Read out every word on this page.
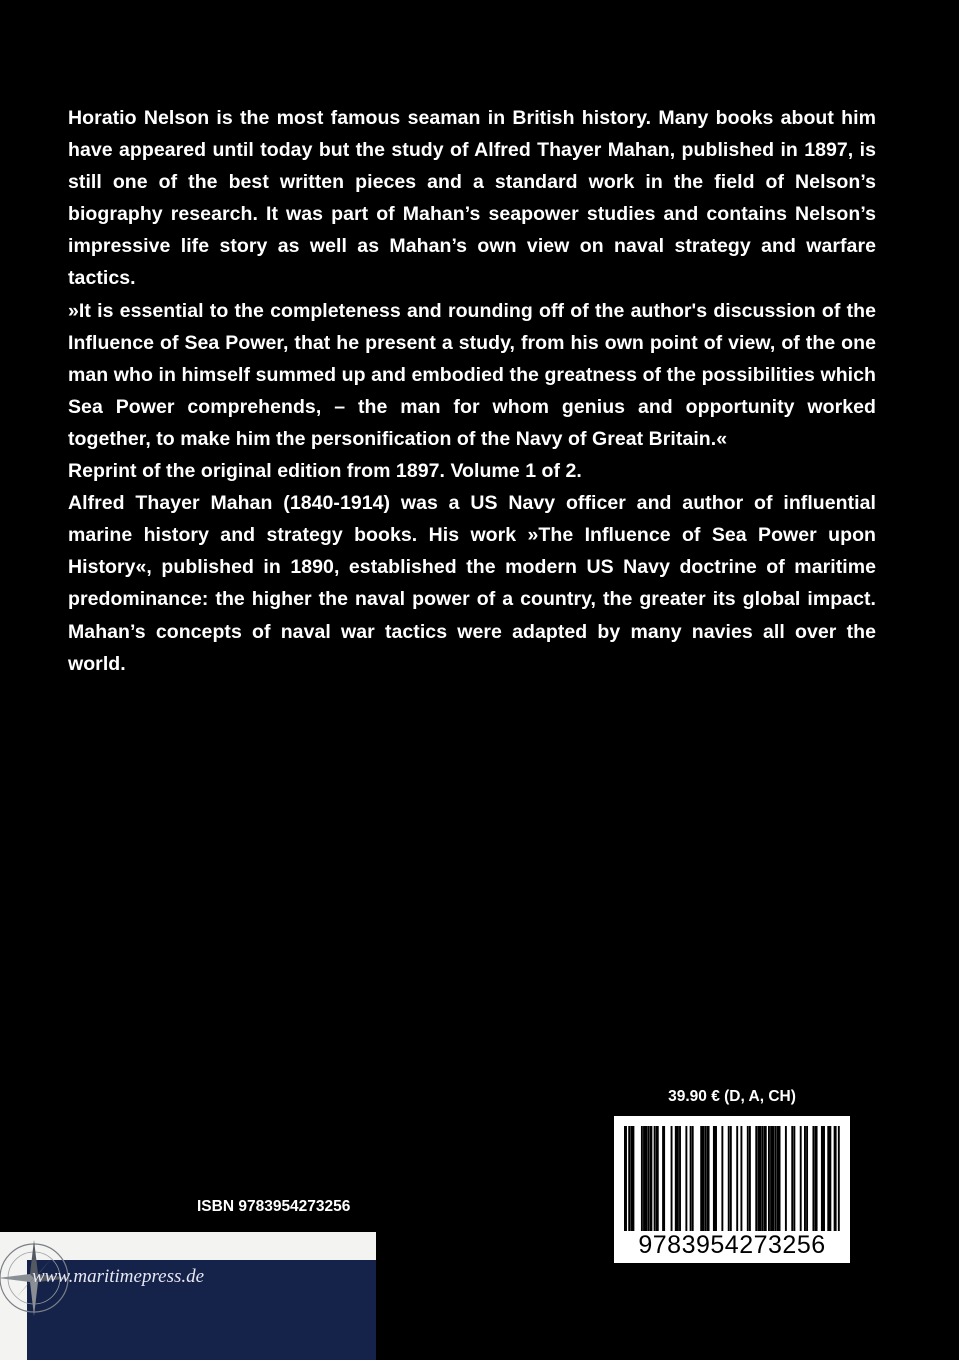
Horatio Nelson is the most famous seaman in British history. Many books about him have appeared until today but the study of Alfred Thayer Mahan, published in 1897, is still one of the best written pieces and a standard work in the field of Nelson’s biography research. It was part of Mahan’s seapower studies and contains Nelson’s impressive life story as well as Mahan’s own view on naval strategy and warfare tactics.

»It is essential to the completeness and rounding off of the author's discussion of the Influence of Sea Power, that he present a study, from his own point of view, of the one man who in himself summed up and embodied the greatness of the possibilities which Sea Power comprehends, – the man for whom genius and opportunity worked together, to make him the personification of the Navy of Great Britain.«

Reprint of the original edition from 1897. Volume 1 of 2.

Alfred Thayer Mahan (1840-1914) was a US Navy officer and author of influential marine history and strategy books. His work »The Influence of Sea Power upon History«, published in 1890, established the modern US Navy doctrine of maritime predominance: the higher the naval power of a country, the greater its global impact. Mahan’s concepts of naval war tactics were adapted by many navies all over the world.

39.90 € (D, A, CH)
9783954273256
ISBN 9783954273256
www.maritimepress.de
